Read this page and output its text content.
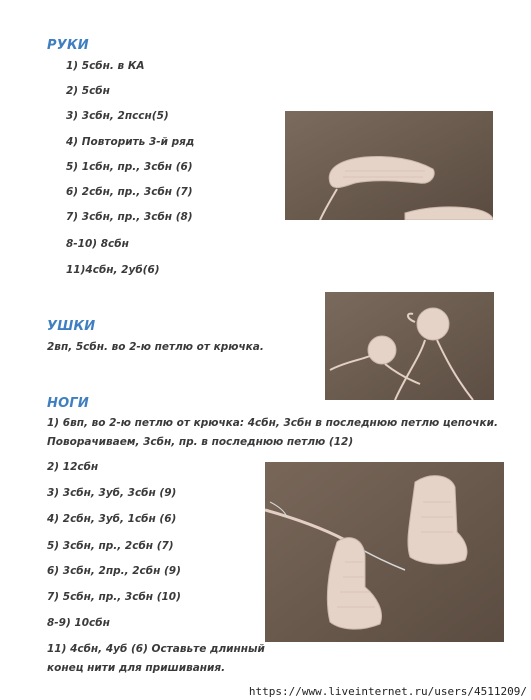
РУКИ
1) 5сбн. в КА
2) 5сбн
3) 3сбн, 2пссн(5)
4) Повторить 3-й ряд
5) 1сбн, пр., 3сбн (6)
6) 2сбн, пр., 3сбн (7)
7) 3сбн, пр., 3сбн (8)
8-10) 8сбн
11)4сбн, 2уб(6)
УШКИ
2вп, 5сбн. во 2-ю петлю от крючка.
НОГИ
1) 6вп, во 2-ю петлю от крючка: 4сбн, 3сбн в последнюю петлю цепочки. Поворачиваем, 3сбн, пр. в последнюю петлю (12)
2) 12сбн
3) 3сбн, 3уб, 3сбн (9)
4) 2сбн, 3уб, 1сбн (6)
5) 3сбн, пр., 2сбн (7)
6) 3сбн, 2пр., 2сбн (9)
7) 5сбн, пр., 3сбн (10)
8-9) 10сбн
11) 4сбн, 4уб (6) Оставьте длинный конец нити для пришивания.
https://www.liveinternet.ru/users/4511209/
